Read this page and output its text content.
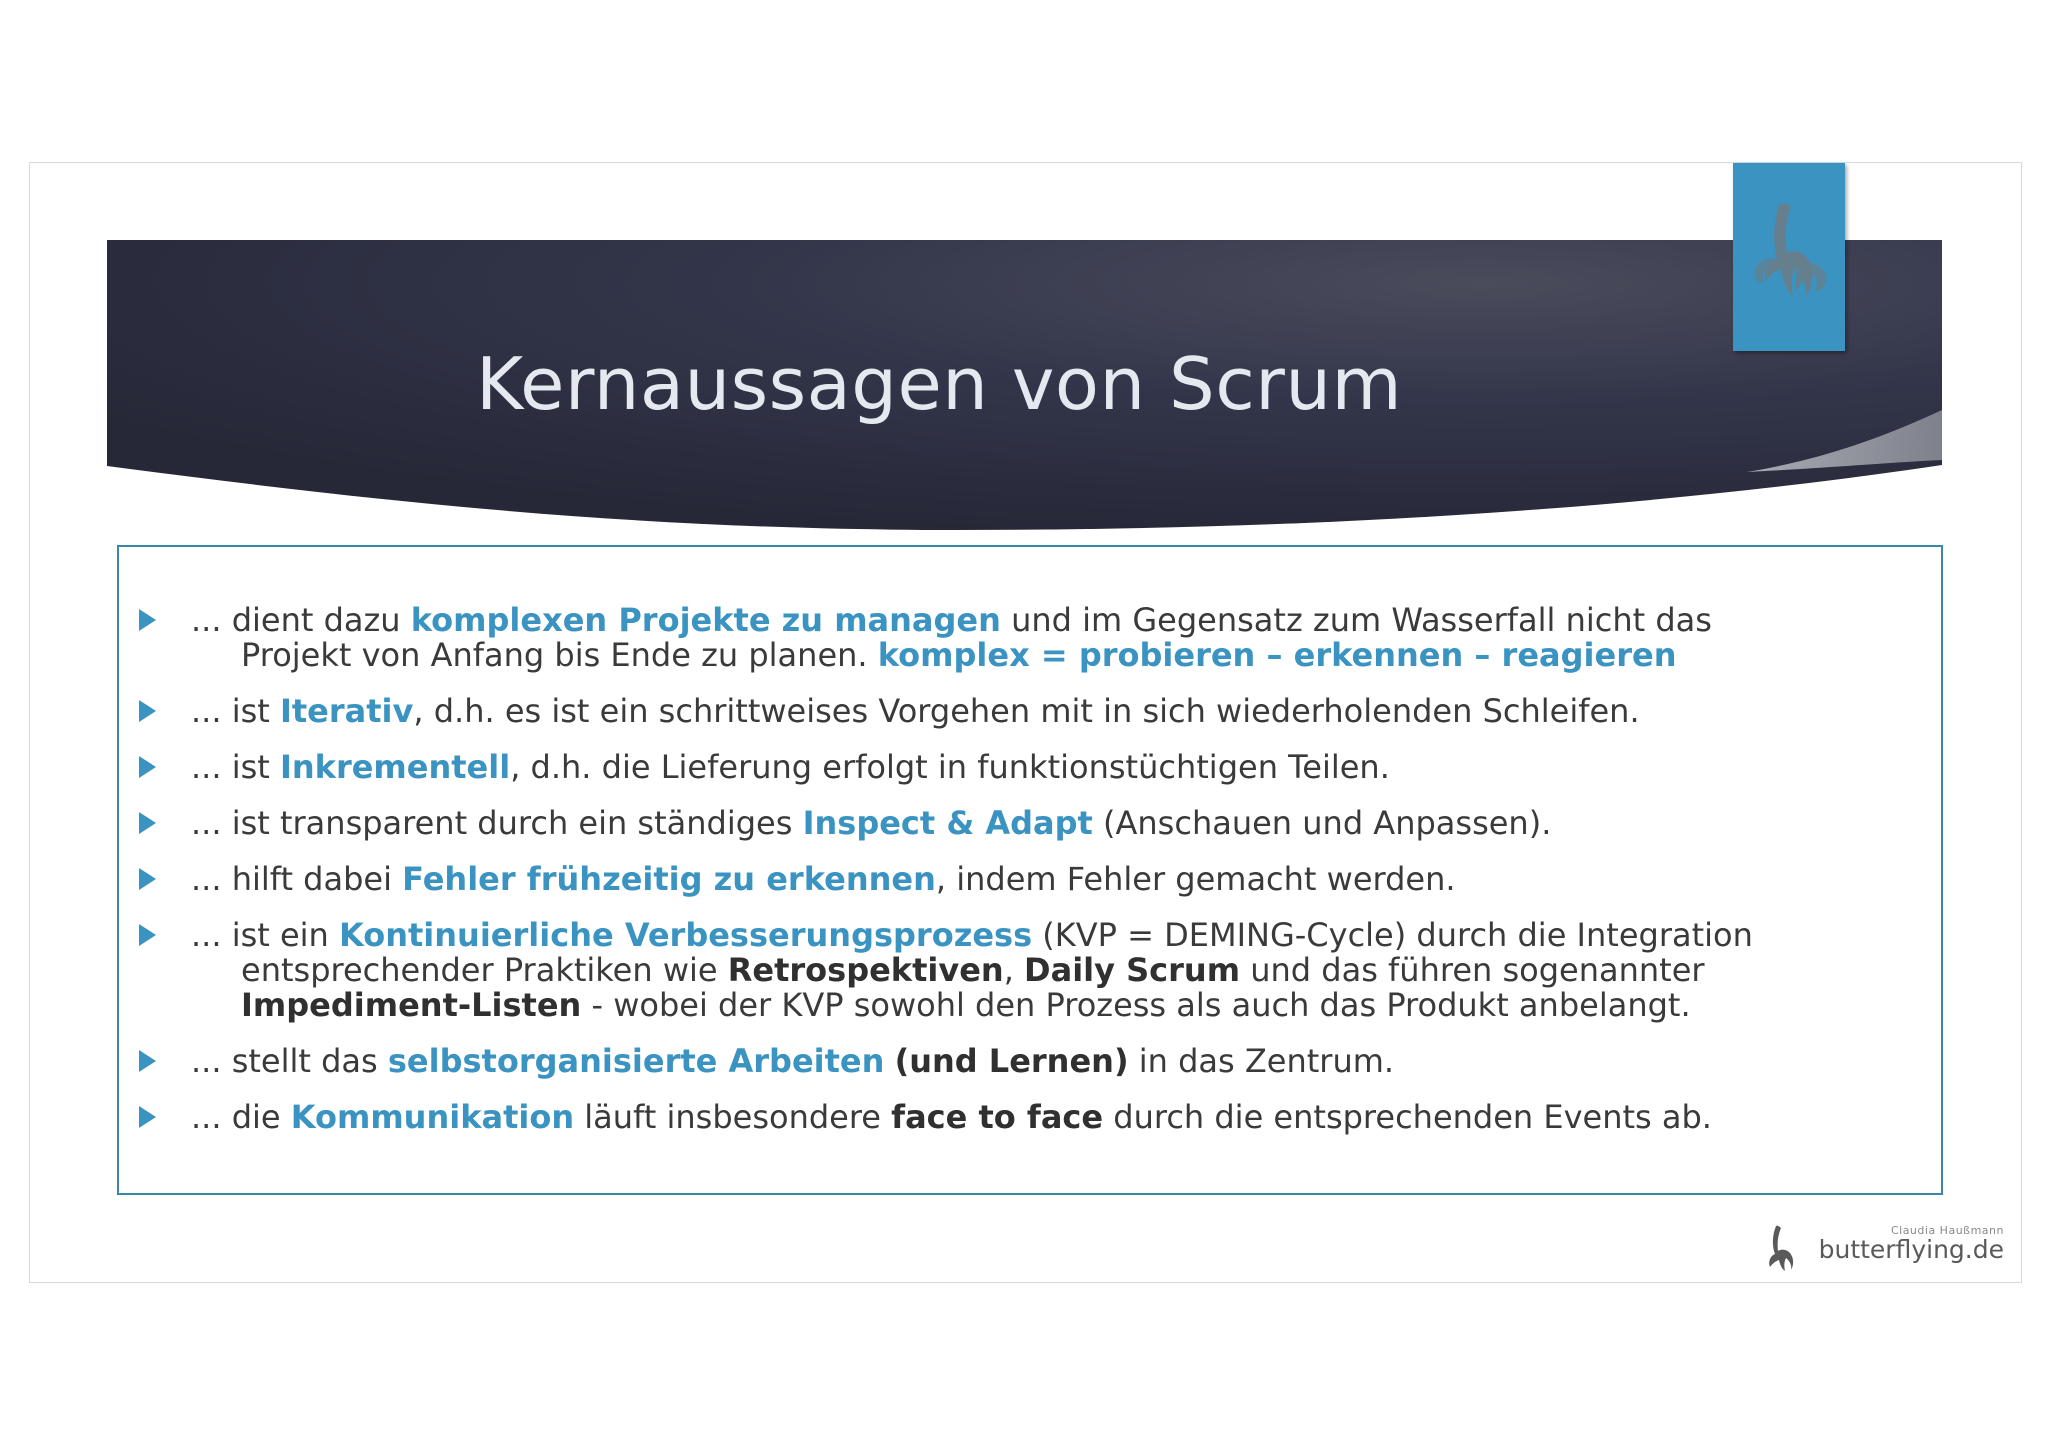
Kernaussagen von Scrum
... dient dazu komplexen Projekte zu managen und im Gegensatz zum Wasserfall nicht das
Projekt von Anfang bis Ende zu planen. komplex = probieren – erkennen – reagieren
... ist Iterativ, d.h. es ist ein schrittweises Vorgehen mit in sich wiederholenden Schleifen.
... ist Inkrementell, d.h. die Lieferung erfolgt in funktionstüchtigen Teilen.
... ist transparent durch ein ständiges Inspect & Adapt (Anschauen und Anpassen).
... hilft dabei Fehler frühzeitig zu erkennen, indem Fehler gemacht werden.
... ist ein Kontinuierliche Verbesserungsprozess (KVP = DEMING-Cycle) durch die Integration
entsprechender Praktiken wie Retrospektiven, Daily Scrum und das führen sogenannter
Impediment-Listen - wobei der KVP sowohl den Prozess als auch das Produkt anbelangt.
... stellt das selbstorganisierte Arbeiten (und Lernen) in das Zentrum.
... die Kommunikation läuft insbesondere face to face durch die entsprechenden Events ab.
Claudia Haußmann
butterflying.de
